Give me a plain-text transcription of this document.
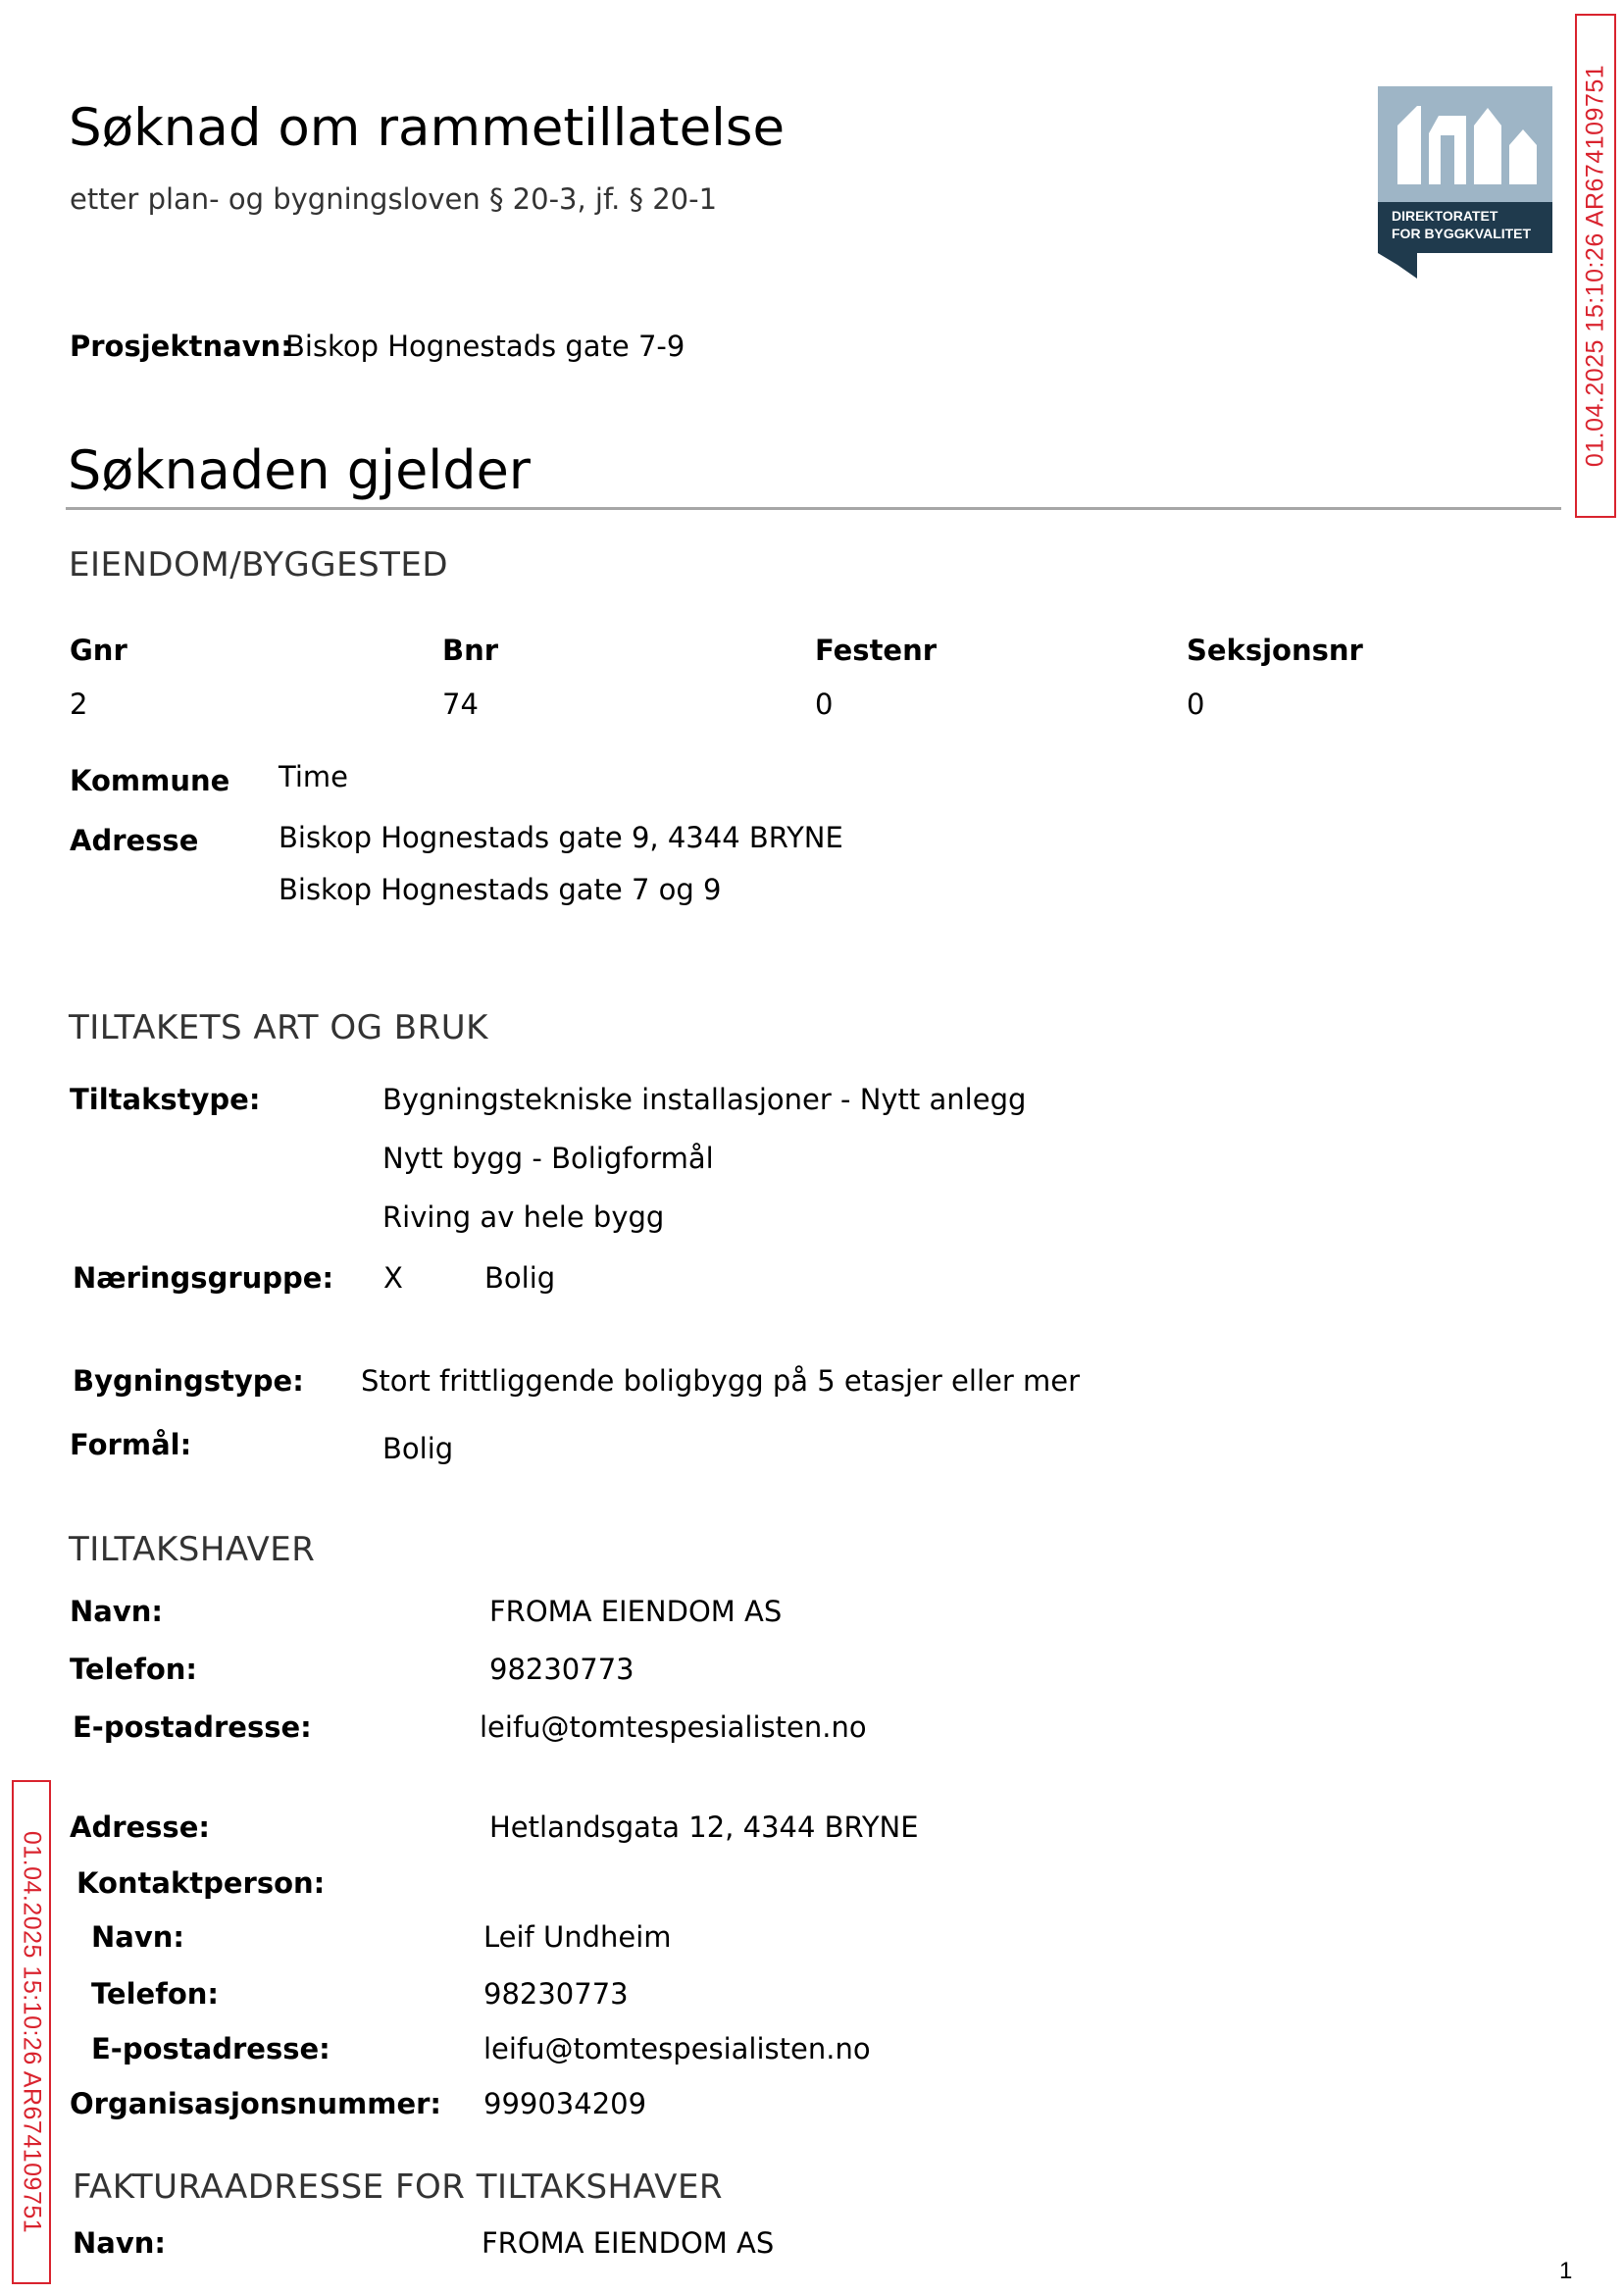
Søknad om rammetillatelse
etter plan- og bygningsloven § 20-3, jf. § 20-1	DIREKTORATET
FOR BYGGKVALITET
Prosjektnavn:
Biskop Hognestads gate 7-9
Søknaden gjelder
EIENDOM/BYGGESTED
Gnr	Bnr	Festenr	Seksjonsnr
2	74	0	0
Kommune Time
Adresse	Biskop Hognestads gate 9, 4344 BRYNE
Biskop Hognestads gate 7 og 9
TILTAKETS ART OG BRUK
Tiltakstype:	Bygningstekniske installasjoner - Nytt anlegg
Nytt bygg - Boligformål
Riving av hele bygg
Næringsgruppe: X	Bolig
Bygningstype: Stort frittliggende boligbygg på 5 etasjer eller mer
Formål:	Bolig
TILTAKSHAVER
Navn:	FROMA EIENDOM AS
Telefon:	98230773
E-postadresse:	leifu@tomtespesialisten.no
Adresse:	Hetlandsgata 12, 4344 BRYNE
Kontaktperson:
Navn:	Leif Undheim
Telefon:	98230773
E-postadresse:	leifu@tomtespesialisten.no
Organisasjonsnummer: 999034209
FAKTURAADRESSE FOR TILTAKSHAVER
Navn:	FROMA EIENDOM AS
01.04.2025 15:10:26 AR674109751
01.04.2025 15:10:26 AR674109751
1
